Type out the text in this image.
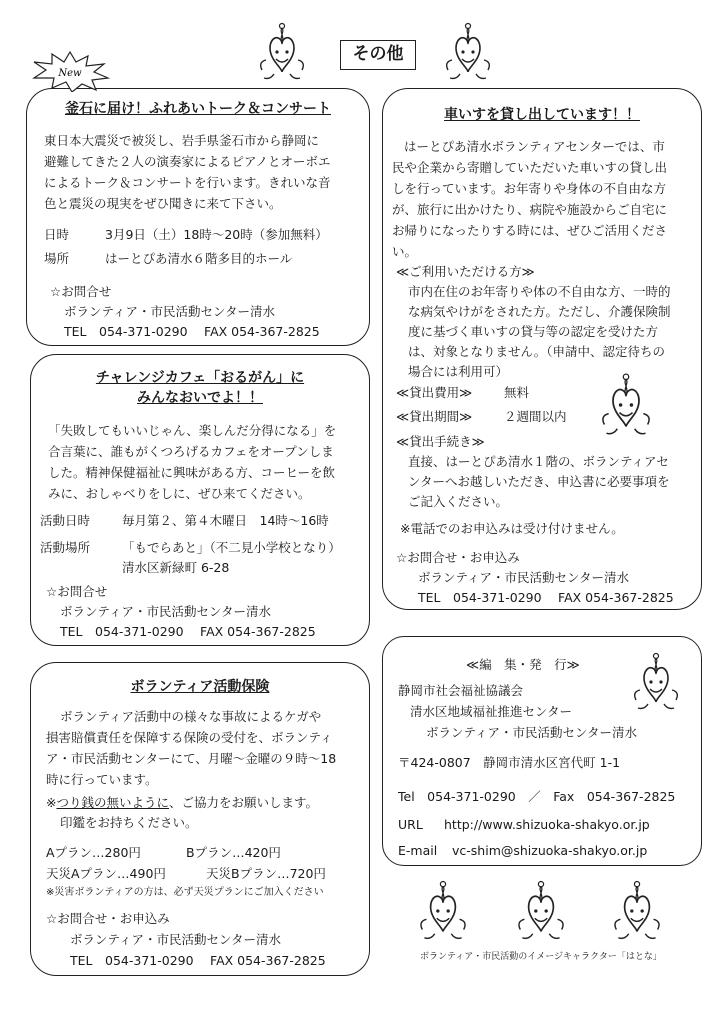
その他
New
釜石に届け！ふれあいトーク＆コンサート
東日本大震災で被災し、岩手県釜石市から静岡に
避難してきた２人の演奏家によるピアノとオーボエ
によるトーク＆コンサートを行います。きれいな音
色と震災の現実をぜひ聞きに来て下さい。
日時	3月9日（土）18時～20時（参加無料）
場所	はーとぴあ清水６階多目的ホール
☆お問合せ
ボランティア・市民活動センター清水
TEL　054-371-0290　 FAX 054-367-2825
チャレンジカフェ「おるがん」に
みんなおいでよ！！
「失敗してもいいじゃん、楽しんだ分得になる」を
合言葉に、誰もがくつろげるカフェをオープンしま
した。精神保健福祉に興味がある方、コーヒーを飲
みに、おしゃべりをしに、ぜひ来てください。
活動日時	毎月第２、第４木曜日　14時～16時
活動場所	「もでらあと」（不二見小学校となり）
清水区新緑町 6-28
☆お問合せ
ボランティア・市民活動センター清水
TEL　054-371-0290　 FAX 054-367-2825
ボランティア活動保険
ボランティア活動中の様々な事故によるケガや
損害賠償責任を保障する保険の受付を、ボランティ
ア・市民活動センターにて、月曜～金曜の９時～18
時に行っています。
※つり銭の無いように、ご協力をお願いします。
印鑑をお持ちください。
Aプラン…280円	Bプラン…420円
天災Aプラン…490円	天災Bプラン…720円
※災害ボランティアの方は、必ず天災プランにご加入ください
☆お問合せ・お申込み
ボランティア・市民活動センター清水
TEL　054-371-0290　 FAX 054-367-2825
車いすを貸し出しています！！
はーとぴあ清水ボランティアセンターでは、市
民や企業から寄贈していただいた車いすの貸し出
しを行っています。お年寄りや身体の不自由な方
が、旅行に出かけたり、病院や施設からご自宅に
お帰りになったりする時には、ぜひご活用くださ
い。
≪ご利用いただける方≫
市内在住のお年寄りや体の不自由な方、一時的
な病気やけがをされた方。ただし、介護保険制
度に基づく車いすの貸与等の認定を受けた方
は、対象となりません。（申請中、認定待ちの
場合には利用可）
≪貸出費用≫	無料
≪貸出期間≫	２週間以内
≪貸出手続き≫
直接、はーとぴあ清水１階の、ボランティアセ
ンターへお越しいただき、申込書に必要事項を
ご記入ください。
※電話でのお申込みは受け付けません。
☆お問合せ・お申込み
ボランティア・市民活動センター清水
TEL　054-371-0290　 FAX 054-367-2825
≪編　集・発　行≫
静岡市社会福祉協議会
清水区地域福祉推進センター
ボランティア・市民活動センター清水
〒424-0807　静岡市清水区宮代町 1-1
Tel　054-371-0290　／　Fax　054-367-2825
URL http://www.shizuoka-shakyo.or.jp
E-mail vc-shim@shizuoka-shakyo.or.jp
ボランティア・市民活動のイメージキャラクター「はとな」
